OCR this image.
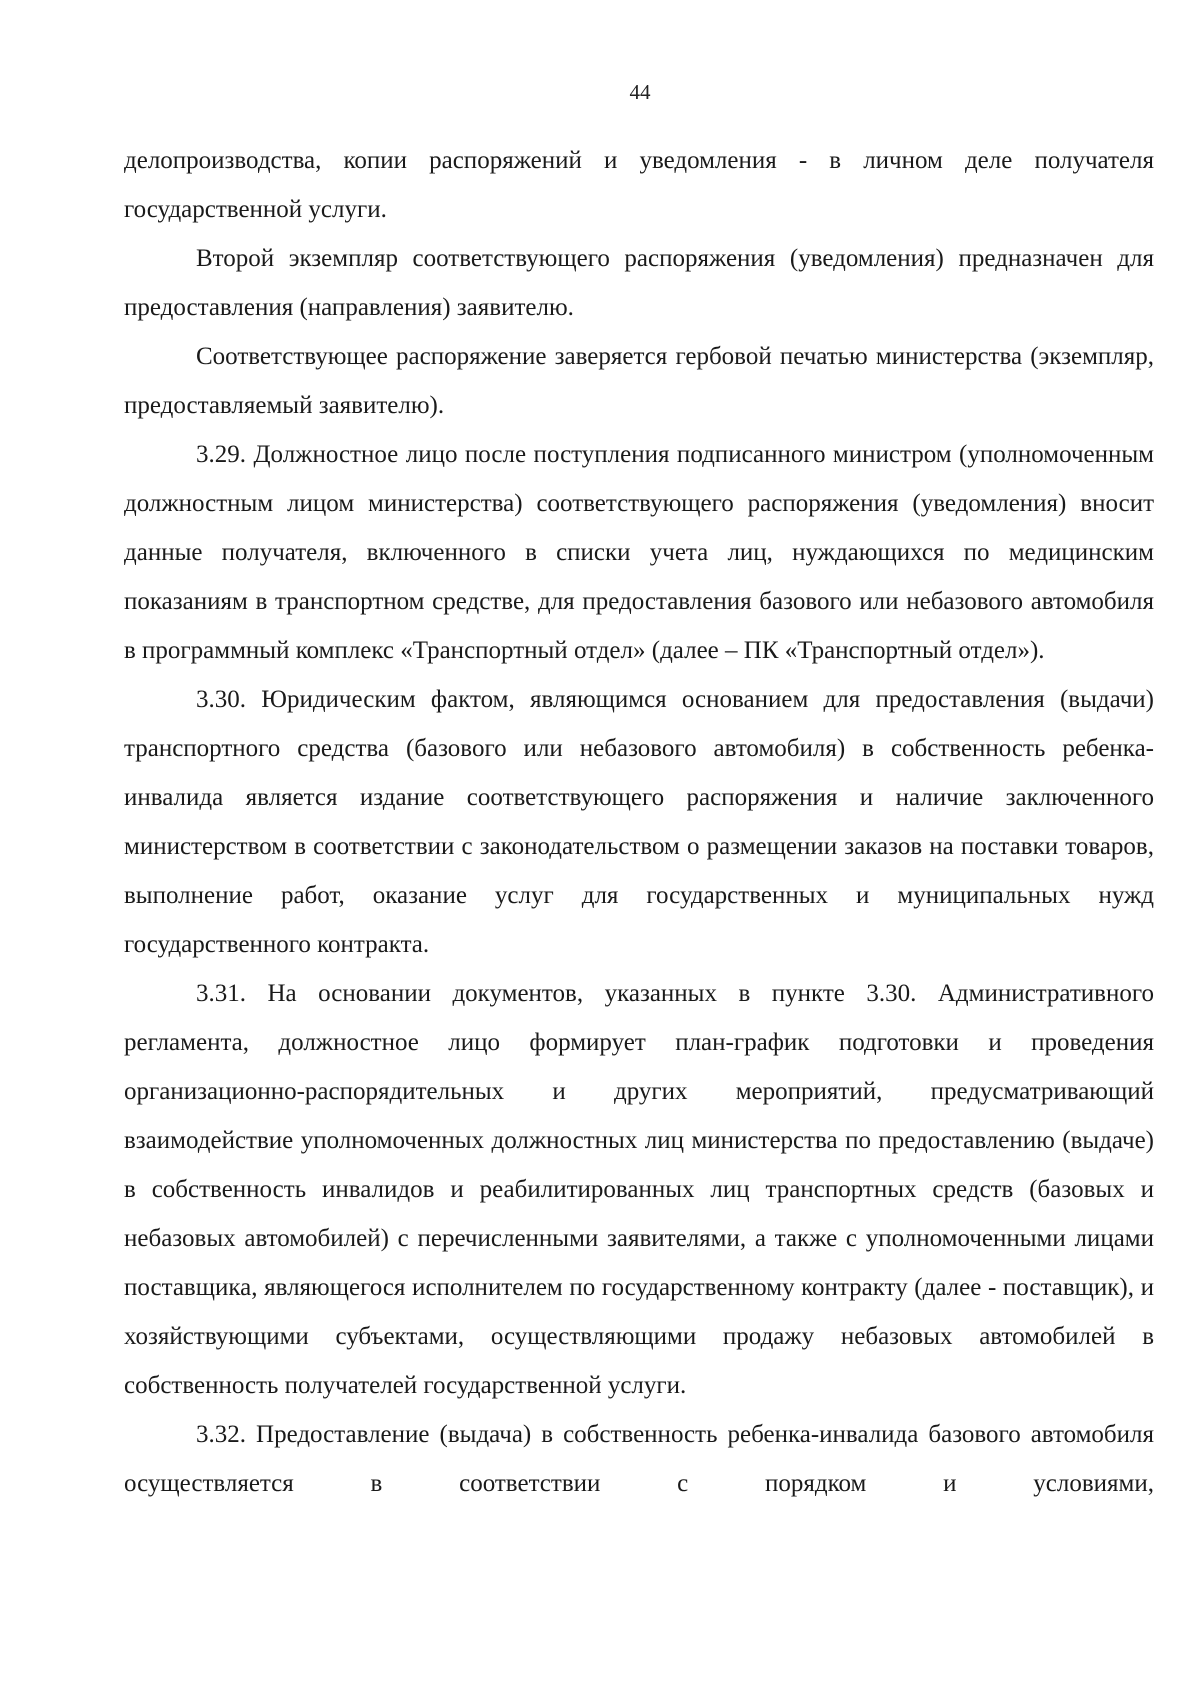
44

делопроизводства, копии распоряжений и уведомления - в личном деле получателя государственной услуги.

Второй экземпляр соответствующего распоряжения (уведомления) предназначен для предоставления (направления) заявителю.

Соответствующее распоряжение заверяется гербовой печатью министерства (экземпляр, предоставляемый заявителю).

3.29. Должностное лицо после поступления подписанного министром (уполномоченным должностным лицом министерства) соответствующего распоряжения (уведомления) вносит данные получателя, включенного в списки учета лиц, нуждающихся по медицинским показаниям в транспортном средстве, для предоставления базового или небазового автомобиля в программный комплекс «Транспортный отдел» (далее – ПК «Транспортный отдел»).

3.30. Юридическим фактом, являющимся основанием для предоставления (выдачи) транспортного средства (базового или небазового автомобиля) в собственность ребенка-инвалида является издание соответствующего распоряжения и наличие заключенного министерством в соответствии с законодательством о размещении заказов на поставки товаров, выполнение работ, оказание услуг для государственных и муниципальных нужд государственного контракта.

3.31. На основании документов, указанных в пункте 3.30. Административного регламента, должностное лицо формирует план-график подготовки и проведения организационно-распорядительных и других мероприятий, предусматривающий взаимодействие уполномоченных должностных лиц министерства по предоставлению (выдаче) в собственность инвалидов и реабилитированных лиц транспортных средств (базовых и небазовых автомобилей) с перечисленными заявителями, а также с уполномоченными лицами поставщика, являющегося исполнителем по государственному контракту (далее - поставщик), и хозяйствующими субъектами, осуществляющими продажу небазовых автомобилей в собственность получателей государственной услуги.

3.32. Предоставление (выдача) в собственность ребенка-инвалида базового автомобиля осуществляется в соответствии с порядком и условиями,
